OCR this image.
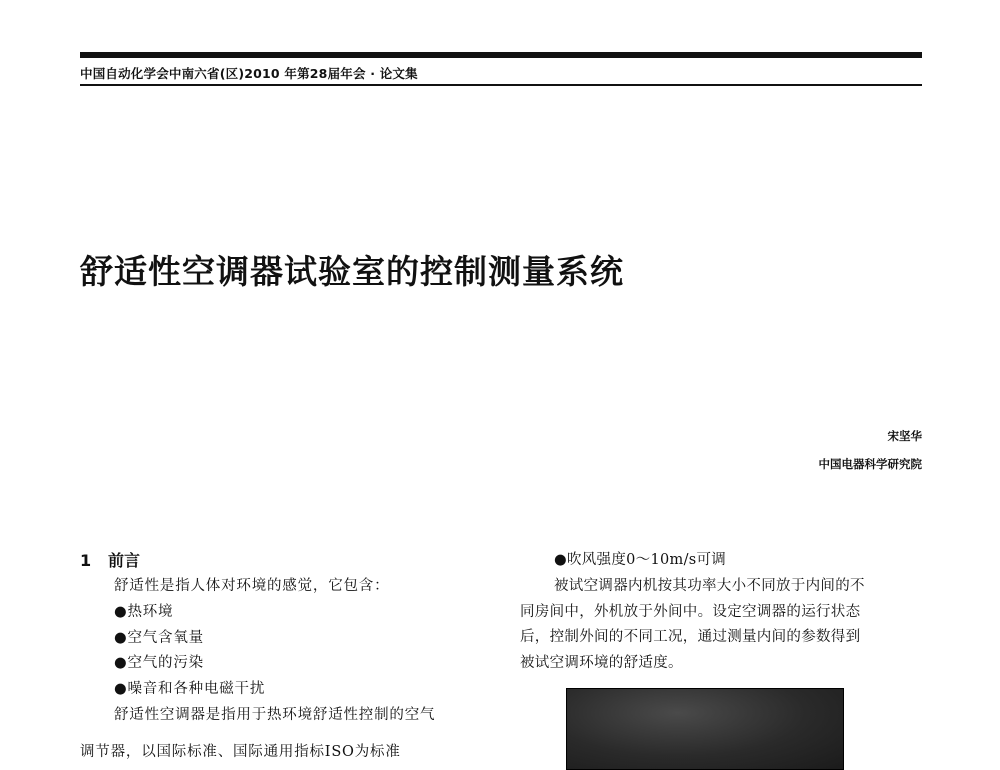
中国自动化学会中南六省(区)2010 年第28届年会 · 论文集
舒适性空调器试验室的控制测量系统
宋坚华
中国电器科学研究院
1 前言
舒适性是指人体对环境的感觉，它包含：
●热环境
●空气含氧量
●空气的污染
●噪音和各种电磁干扰
舒适性空调器是指用于热环境舒适性控制的空气
调节器，以国际标准、国际通用指标ISO为标准
●吹风强度0～10m/s可调
被试空调器内机按其功率大小不同放于内间的不
同房间中，外机放于外间中。设定空调器的运行状态
后，控制外间的不同工况，通过测量内间的参数得到
被试空调环境的舒适度。
